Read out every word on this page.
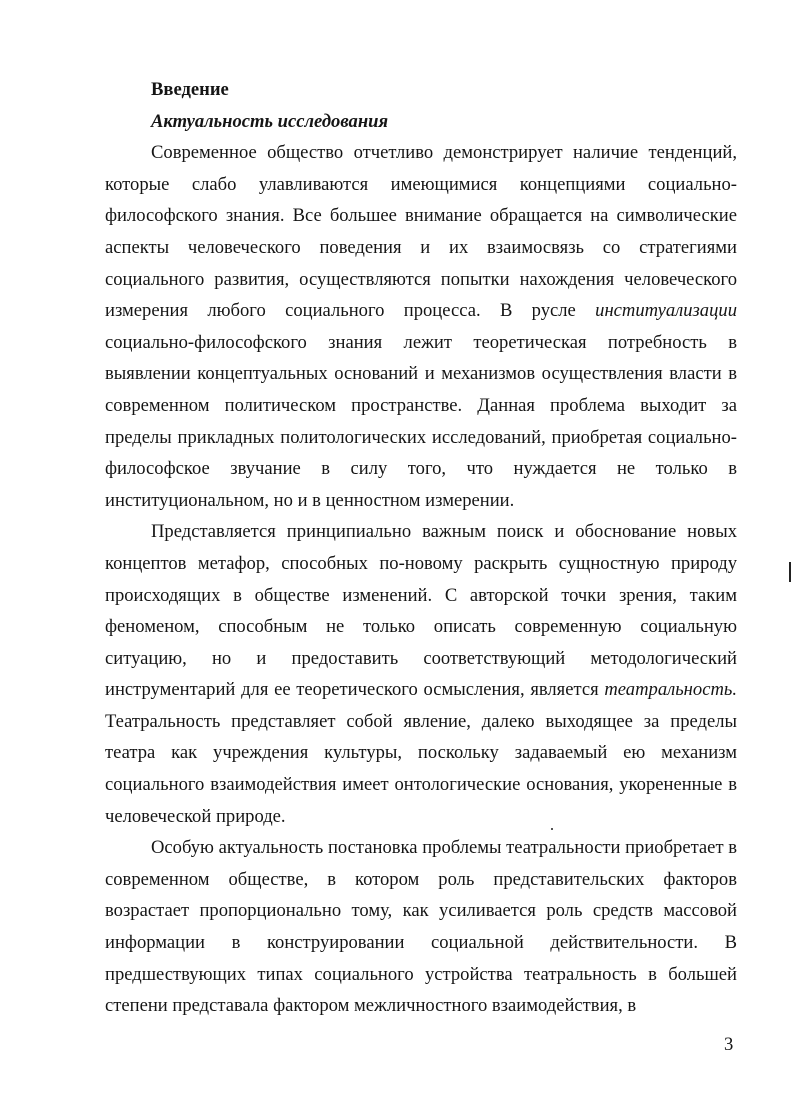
Введение

Актуальность исследования

Современное общество отчетливо демонстрирует наличие тенденций, которые слабо улавливаются имеющимися концепциями социально-философского знания. Все большее внимание обращается на символические аспекты человеческого поведения и их взаимосвязь со стратегиями социального развития, осуществляются попытки нахождения человеческого измерения любого социального процесса. В русле институализации социально-философского знания лежит теоретическая потребность в выявлении концептуальных оснований и механизмов осуществления власти в современном политическом пространстве. Данная проблема выходит за пределы прикладных политологических исследований, приобретая социально-философское звучание в силу того, что нуждается не только в институциональном, но и в ценностном измерении.

Представляется принципиально важным поиск и обоснование новых концептов метафор, способных по-новому раскрыть сущностную природу происходящих в обществе изменений. С авторской точки зрения, таким феноменом, способным не только описать современную социальную ситуацию, но и предоставить соответствующий методологический инструментарий для ее теоретического осмысления, является театральность. Театральность представляет собой явление, далеко выходящее за пределы театра как учреждения культуры, поскольку задаваемый ею механизм социального взаимодействия имеет онтологические основания, укорененные в человеческой природе.

Особую актуальность постановка проблемы театральности приобретает в современном обществе, в котором роль представительских факторов возрастает пропорционально тому, как усиливается роль средств массовой информации в конструировании социальной действительности. В предшествующих типах социального устройства театральность в большей степени представала фактором межличностного взаимодействия, в

3
